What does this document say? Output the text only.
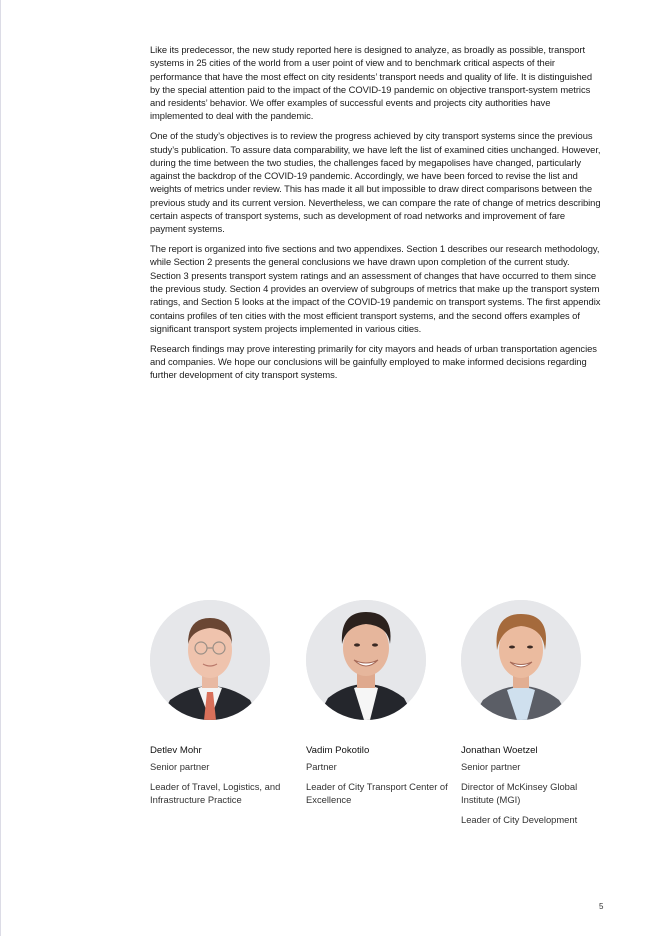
Like its predecessor, the new study reported here is designed to analyze, as broadly as possible, transport systems in 25 cities of the world from a user point of view and to benchmark critical aspects of their performance that have the most effect on city residents’ transport needs and quality of life. It is distinguished by the special attention paid to the impact of the COVID-19 pandemic on objective transport-system metrics and residents’ behavior. We offer examples of successful events and projects city authorities have implemented to deal with the pandemic.

One of the study’s objectives is to review the progress achieved by city transport systems since the previous study’s publication. To assure data comparability, we have left the list of examined cities unchanged. However, during the time between the two studies, the challenges faced by megapolises have changed, particularly against the backdrop of the COVID-19 pandemic. Accordingly, we have been forced to revise the list and weights of metrics under review. This has made it all but impossible to draw direct comparisons between the previous study and its current version. Nevertheless, we can compare the rate of change of metrics describing certain aspects of transport systems, such as development of road networks and improvement of fare payment systems.

The report is organized into five sections and two appendixes. Section 1 describes our research methodology, while Section 2 presents the general conclusions we have drawn upon completion of the current study. Section 3 presents transport system ratings and an assessment of changes that have occurred to them since the previous study. Section 4 provides an overview of subgroups of metrics that make up the transport system ratings, and Section 5 looks at the impact of the COVID-19 pandemic on transport systems. The first appendix contains profiles of ten cities with the most efficient transport systems, and the second offers examples of significant transport system projects implemented in various cities.

Research findings may prove interesting primarily for city mayors and heads of urban transportation agencies and companies. We hope our conclusions will be gainfully employed to make informed decisions regarding further development of city transport systems.

Detlev Mohr
Senior partner
Leader of Travel, Logistics, and Infrastructure Practice
Vadim Pokotilo
Partner
Leader of City Transport Center of Excellence
Jonathan Woetzel
Senior partner
Director of McKinsey Global Institute (MGI)
Leader of City Development
5
